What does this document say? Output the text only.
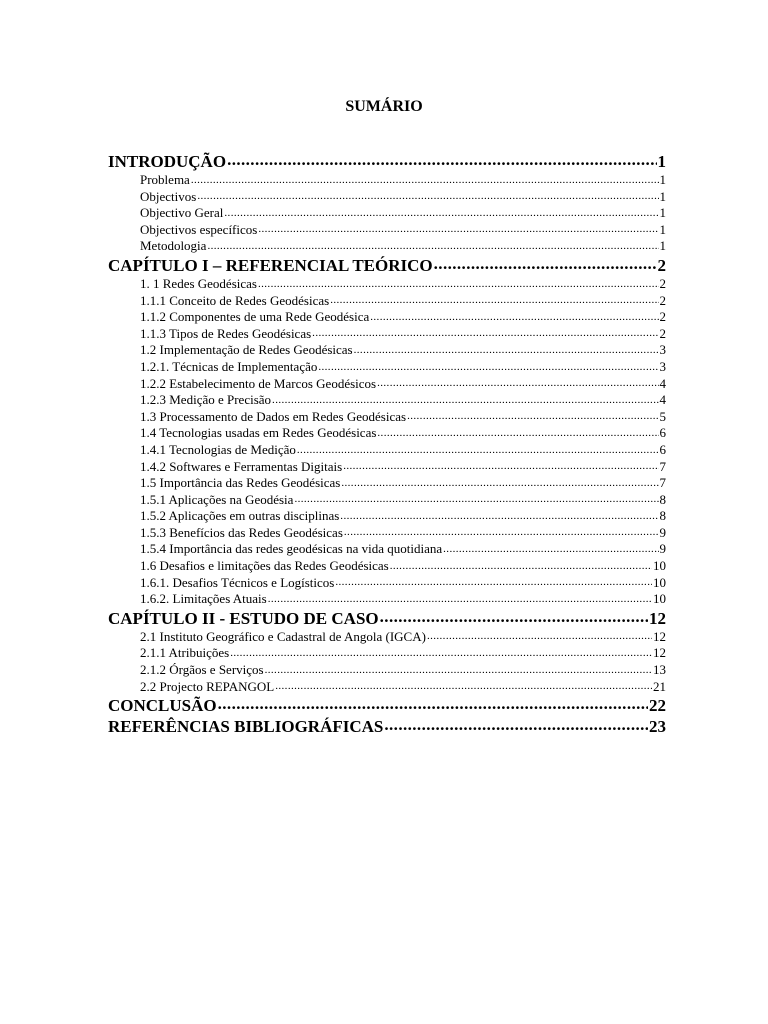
SUMÁRIO
INTRODUÇÃO .....	1
Problema .....	1
Objectivos .....	1
Objectivo Geral .....	1
Objectivos específicos .....	1
Metodologia .....	1
CAPÍTULO I – REFERENCIAL TEÓRICO .....	2
1. 1 Redes Geodésicas .....	2
1.1.1 Conceito de Redes Geodésicas .....	2
1.1.2 Componentes de uma Rede Geodésica .....	2
1.1.3 Tipos de Redes Geodésicas .....	2
1.2 Implementação de Redes Geodésicas .....	3
1.2.1. Técnicas de Implementação .....	3
1.2.2 Estabelecimento de Marcos Geodésicos .....	4
1.2.3 Medição e Precisão .....	4
1.3 Processamento de Dados em Redes Geodésicas .....	5
1.4 Tecnologias usadas em Redes Geodésicas .....	6
1.4.1 Tecnologias de Medição .....	6
1.4.2 Softwares e Ferramentas Digitais .....	7
1.5 Importância das Redes Geodésicas .....	7
1.5.1 Aplicações na Geodésia .....	8
1.5.2 Aplicações em outras disciplinas .....	8
1.5.3 Benefícios das Redes Geodésicas .....	9
1.5.4 Importância das redes geodésicas na vida quotidiana .....	9
1.6 Desafios e limitações das Redes Geodésicas .....	10
1.6.1. Desafios Técnicos e Logísticos .....	10
1.6.2. Limitações Atuais .....	10
CAPÍTULO II - ESTUDO DE CASO .....	12
2.1 Instituto Geográfico e Cadastral de Angola (IGCA) .....	12
2.1.1 Atribuições .....	12
2.1.2 Órgãos e Serviços .....	13
2.2 Projecto REPANGOL .....	21
CONCLUSÃO .....	22
REFERÊNCIAS BIBLIOGRÁFICAS .....	23
